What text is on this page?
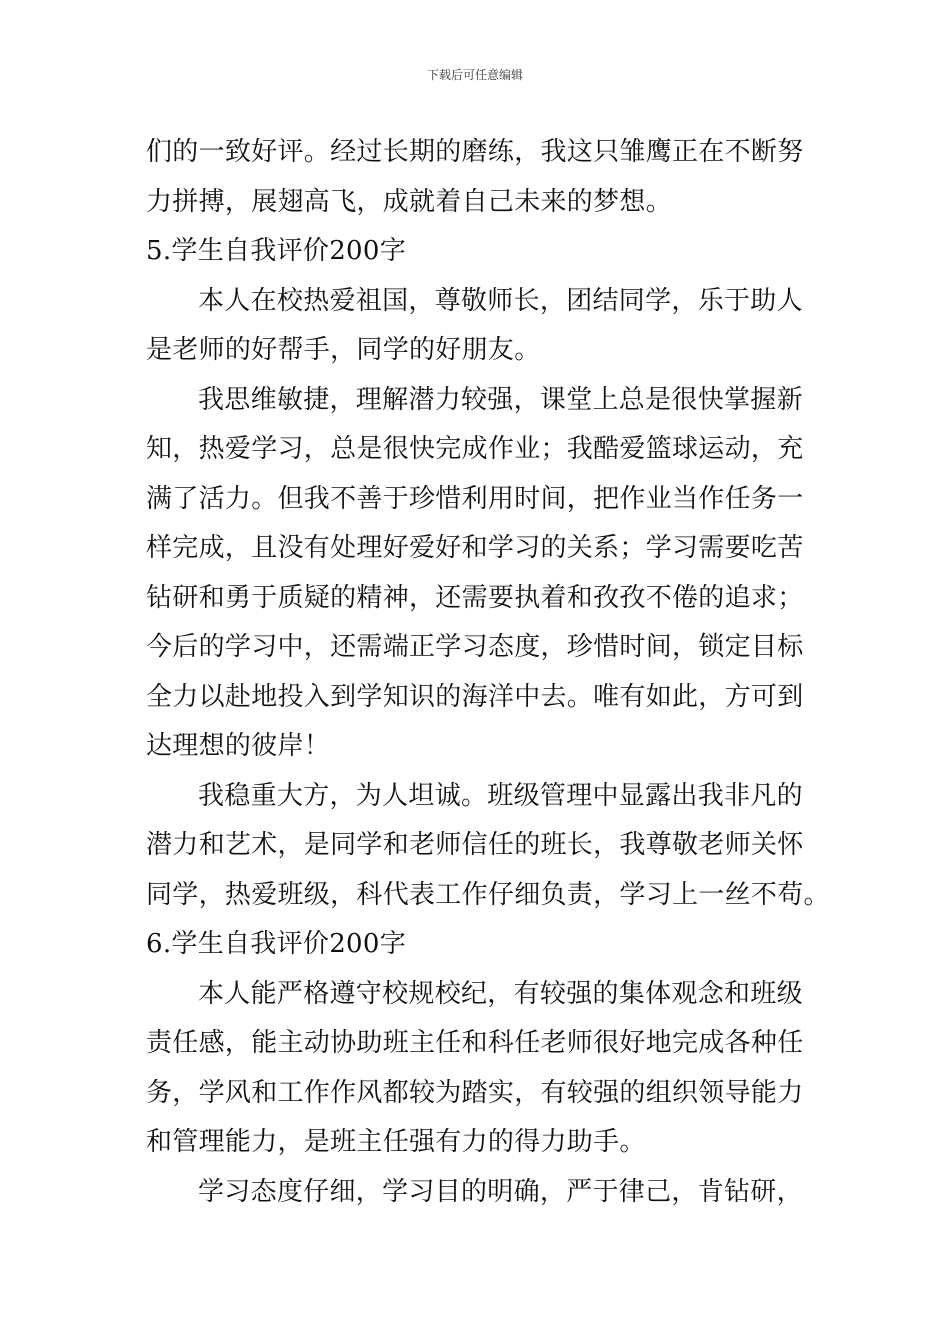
下载后可任意编辑
们的一致好评。经过长期的磨练，我这只雏鹰正在不断努
力拼搏，展翅高飞，成就着自己未来的梦想。
5.学生自我评价200字
本人在校热爱祖国，尊敬师长，团结同学，乐于助人
是老师的好帮手，同学的好朋友。
我思维敏捷，理解潜力较强，课堂上总是很快掌握新
知，热爱学习，总是很快完成作业；我酷爱篮球运动，充
满了活力。但我不善于珍惜利用时间，把作业当作任务一
样完成，且没有处理好爱好和学习的关系；学习需要吃苦
钻研和勇于质疑的精神，还需要执着和孜孜不倦的追求；
今后的学习中，还需端正学习态度，珍惜时间，锁定目标
全力以赴地投入到学知识的海洋中去。唯有如此，方可到
达理想的彼岸！
我稳重大方，为人坦诚。班级管理中显露出我非凡的
潜力和艺术，是同学和老师信任的班长，我尊敬老师关怀
同学，热爱班级，科代表工作仔细负责，学习上一丝不苟。
6.学生自我评价200字
本人能严格遵守校规校纪，有较强的集体观念和班级
责任感，能主动协助班主任和科任老师很好地完成各种任
务，学风和工作作风都较为踏实，有较强的组织领导能力
和管理能力，是班主任强有力的得力助手。
学习态度仔细，学习目的明确，严于律己，肯钻研，
